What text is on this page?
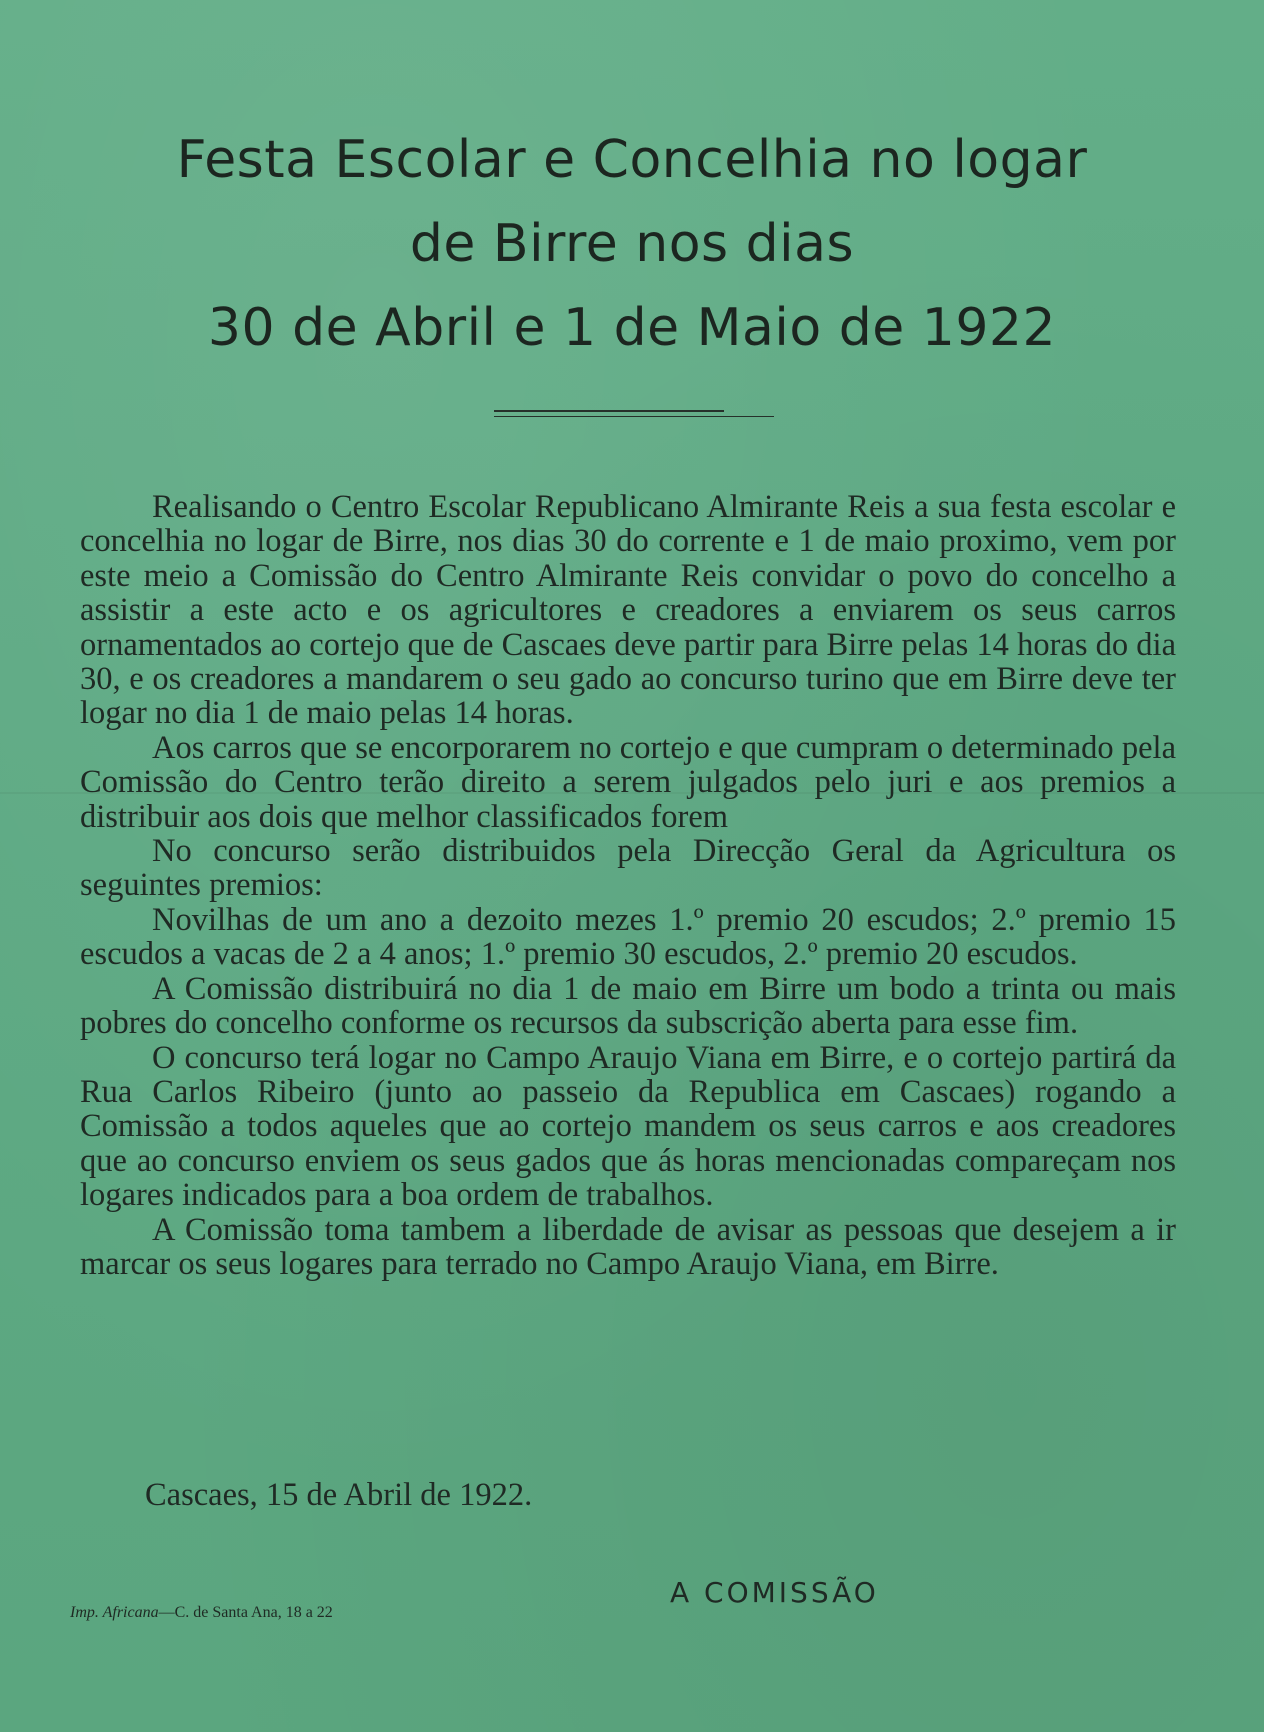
Festa Escolar e Concelhia no logar
de Birre nos dias
30 de Abril e 1 de Maio de 1922

Realisando o Centro Escolar Republicano Almirante Reis a sua festa escolar e concelhia no logar de Birre, nos dias 30 do corrente e 1 de maio proximo, vem por este meio a Comissão do Centro Almirante Reis convidar o povo do concelho a assistir a este acto e os agricultores e creadores a enviarem os seus carros ornamentados ao cortejo que de Cascaes deve partir para Birre pelas 14 horas do dia 30, e os creadores a mandarem o seu gado ao concurso turino que em Birre deve ter logar no dia 1 de maio pelas 14 horas.

Aos carros que se encorporarem no cortejo e que cumpram o determinado pela Comissão do Centro terão direito a serem julgados pelo juri e aos premios a distribuir aos dois que melhor classificados forem

No concurso serão distribuidos pela Direcção Geral da Agricultura os seguintes premios:

Novilhas de um ano a dezoito mezes 1.º premio 20 escudos; 2.º premio 15 escudos a vacas de 2 a 4 anos; 1.º premio 30 escudos, 2.º premio 20 escudos.

A Comissão distribuirá no dia 1 de maio em Birre um bodo a trinta ou mais pobres do concelho conforme os recursos da subscrição aberta para esse fim.

O concurso terá logar no Campo Araujo Viana em Birre, e o cortejo partirá da Rua Carlos Ribeiro (junto ao passeio da Republica em Cascaes) rogando a Comissão a todos aqueles que ao cortejo mandem os seus carros e aos creadores que ao concurso enviem os seus gados que ás horas mencionadas compareçam nos logares indicados para a boa ordem de trabalhos.

A Comissão toma tambem a liberdade de avisar as pessoas que desejem a ir marcar os seus logares para terrado no Campo Araujo Viana, em Birre.

Cascaes, 15 de Abril de 1922.
A COMISSÃO
Imp. Africana—C. de Santa Ana, 18 a 22
